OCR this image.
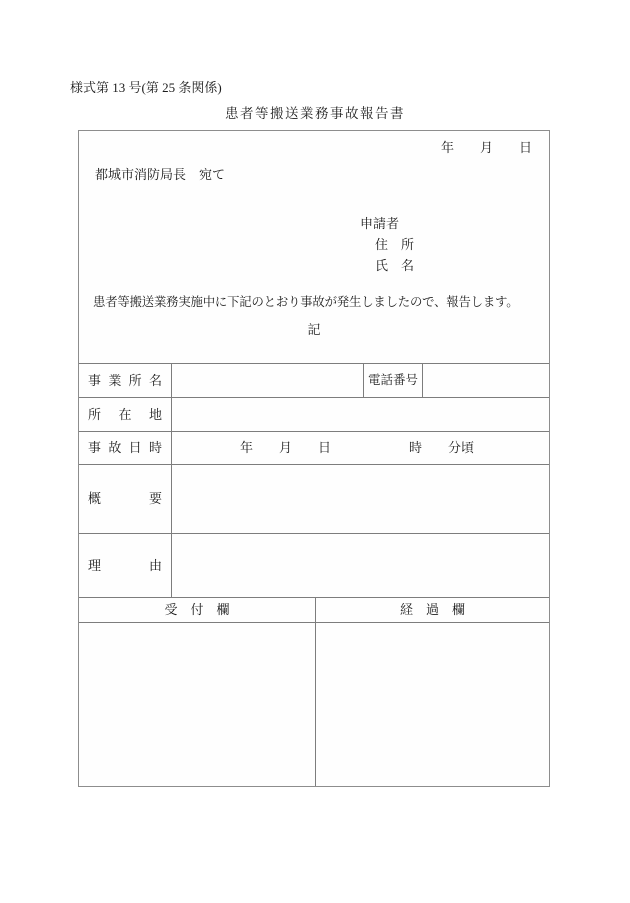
様式第 13 号(第 25 条関係)
患者等搬送業務事故報告書
年　　月　　日
都城市消防局長　宛て
申請者
住　所
氏　名
患者等搬送業務実施中に下記のとおり事故が発生しましたので、報告します。
記
事業所名	電話番号
所在地
事故日時	年　　月　　日　　　　　　時　　分頃
概要
理由
受　付　欄	経　過　欄
